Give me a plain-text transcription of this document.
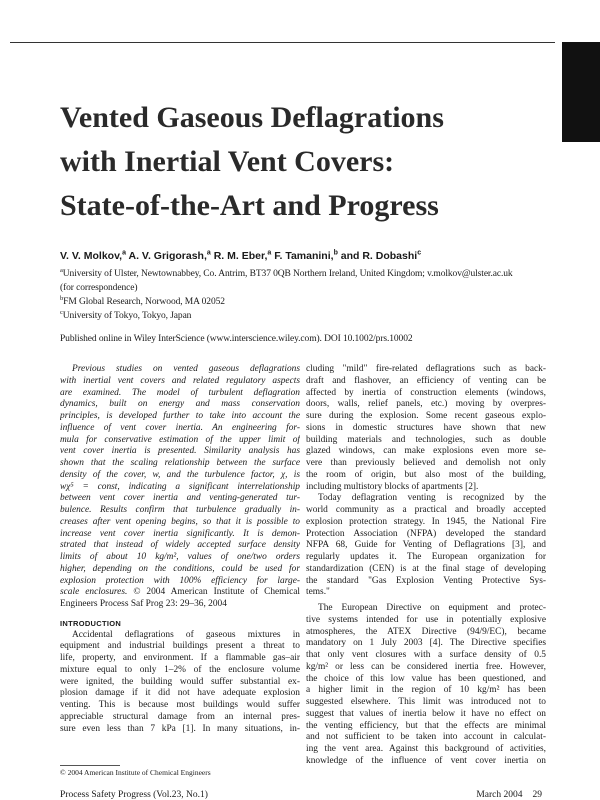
Vented Gaseous Deflagrations
with Inertial Vent Covers:
State-of-the-Art and Progress
V. V. Molkov,$^a$ A. V. Grigorash,$^a$ R. M. Eber,$^a$ F. Tamanini,$^b$ and R. Dobashi$^c$
$^a$University of Ulster, Newtownabbey, Co. Antrim, BT37 0QB Northern Ireland, United Kingdom; v.molkov@ulster.ac.uk
(for correspondence)
$^b$FM Global Research, Norwood, MA 02052
$^c$University of Tokyo, Tokyo, Japan
Published online in Wiley InterScience (www.interscience.wiley.com). DOI 10.1002/prs.10002
Previous studies on vented gaseous deflagrations
with inertial vent covers and related regulatory aspects
are examined. The model of turbulent deflagration
dynamics, built on energy and mass conservation
principles, is developed further to take into account the
influence of vent cover inertia. An engineering for-
mula for conservative estimation of the upper limit of
vent cover inertia is presented. Similarity analysis has
shown that the scaling relationship between the surface
density of the cover, w, and the turbulence factor, χ, is
wχ⁵ = const, indicating a significant interrelationship
between vent cover inertia and venting-generated tur-
bulence. Results confirm that turbulence gradually in-
creases after vent opening begins, so that it is possible to
increase vent cover inertia significantly. It is demon-
strated that instead of widely accepted surface density
limits of about 10 kg/m², values of one/two orders
higher, depending on the conditions, could be used for
explosion protection with 100% efficiency for large-
scale enclosures. © 2004 American Institute of Chemical
Engineers Process Saf Prog 23: 29–36, 2004
INTRODUCTION
Accidental deflagrations of gaseous mixtures in
equipment and industrial buildings present a threat to
life, property, and environment. If a flammable gas–air
mixture equal to only 1–2% of the enclosure volume
were ignited, the building would suffer substantial ex-
plosion damage if it did not have adequate explosion
venting. This is because most buildings would suffer
appreciable structural damage from an internal pres-
sure even less than 7 kPa [1]. In many situations, in-
cluding "mild" fire-related deflagrations such as back-
draft and flashover, an efficiency of venting can be
affected by inertia of construction elements (windows,
doors, walls, relief panels, etc.) moving by overpres-
sure during the explosion. Some recent gaseous explo-
sions in domestic structures have shown that new
building materials and technologies, such as double
glazed windows, can make explosions even more se-
vere than previously believed and demolish not only
the room of origin, but also most of the building,
including multistory blocks of apartments [2].
Today deflagration venting is recognized by the
world community as a practical and broadly accepted
explosion protection strategy. In 1945, the National Fire
Protection Association (NFPA) developed the standard
NFPA 68, Guide for Venting of Deflagrations [3], and
regularly updates it. The European organization for
standardization (CEN) is at the final stage of developing
the standard "Gas Explosion Venting Protective Sys-
tems."
The European Directive on equipment and protec-
tive systems intended for use in potentially explosive
atmospheres, the ATEX Directive (94/9/EC), became
mandatory on 1 July 2003 [4]. The Directive specifies
that only vent closures with a surface density of 0.5
kg/m² or less can be considered inertia free. However,
the choice of this low value has been questioned, and
a higher limit in the region of 10 kg/m² has been
suggested elsewhere. This limit was introduced not to
suggest that values of inertia below it have no effect on
the venting efficiency, but that the effects are minimal
and not sufficient to be taken into account in calculat-
ing the vent area. Against this background of activities,
knowledge of the influence of vent cover inertia on
© 2004 American Institute of Chemical Engineers
Process Safety Progress (Vol.23, No.1)	March 2004 29
